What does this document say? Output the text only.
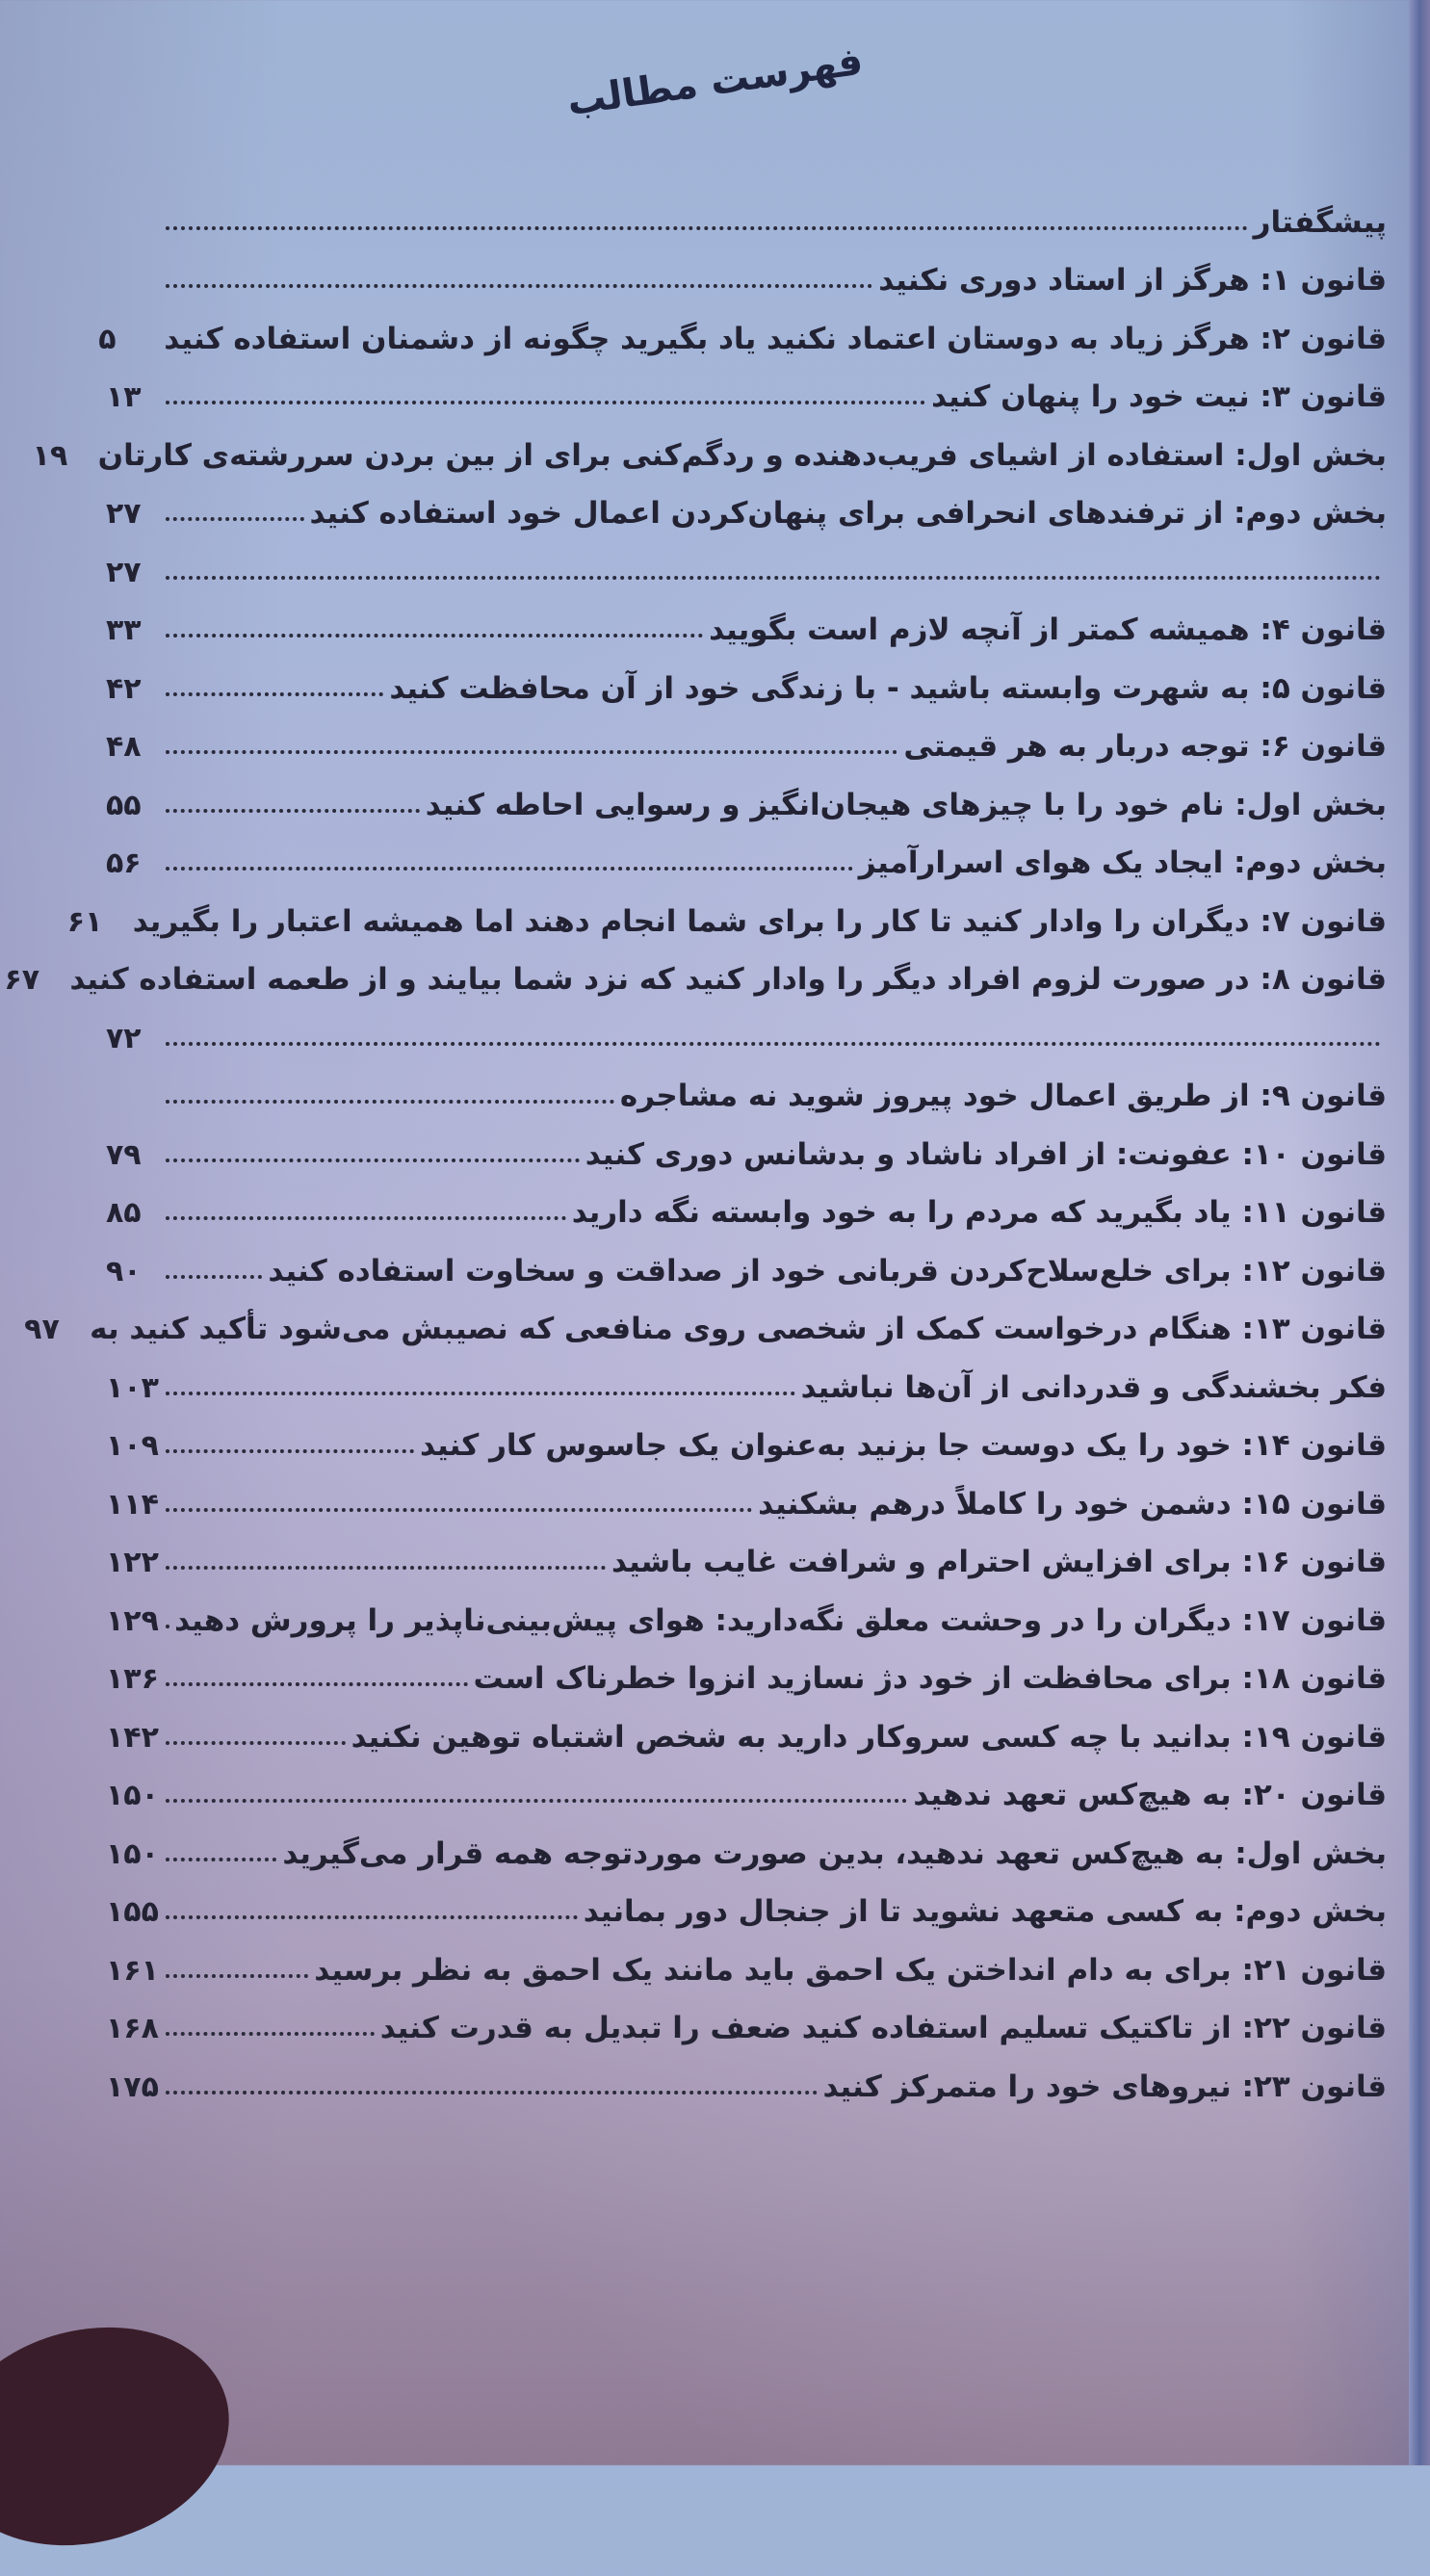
فهرست مطالب
پیشگفتار
قانون ۱: هرگز از استاد دوری نکنید
قانون ۲: هرگز زیاد به دوستان اعتماد نکنید یاد بگیرید چگونه از دشمنان استفاده کنید
۵
قانون ۳: نیت خود را پنهان کنید
۱۳
بخش اول: استفاده از اشیای فریب‌دهنده و ردگم‌کنی برای از بین بردن سررشته‌ی کارتان
۱۹
بخش دوم: از ترفندهای انحرافی برای پنهان‌کردن اعمال خود استفاده کنید
۲۷
۲۷
قانون ۴: همیشه کمتر از آنچه لازم است بگویید
۳۳
قانون ۵: به شهرت وابسته باشید - با زندگی خود از آن محافظت کنید
۴۲
قانون ۶: توجه دربار به هر قیمتی
۴۸
بخش اول: نام خود را با چیزهای هیجان‌انگیز و رسوایی احاطه کنید
۵۵
بخش دوم: ایجاد یک هوای اسرارآمیز
۵۶
قانون ۷: دیگران را وادار کنید تا کار را برای شما انجام دهند اما همیشه اعتبار را بگیرید
۶۱
قانون ۸: در صورت لزوم افراد دیگر را وادار کنید که نزد شما بیایند و از طعمه استفاده کنید
۶۷
۷۲
قانون ۹: از طریق اعمال خود پیروز شوید نه مشاجره
قانون ۱۰: عفونت: از افراد ناشاد و بدشانس دوری کنید
۷۹
قانون ۱۱: یاد بگیرید که مردم را به خود وابسته نگه دارید
۸۵
قانون ۱۲: برای خلع‌سلاح‌کردن قربانی خود از صداقت و سخاوت استفاده کنید
۹۰
قانون ۱۳: هنگام درخواست کمک از شخصی روی منافعی که نصیبش می‌شود تأکید کنید به
۹۷
فکر بخشندگی و قدردانی از آن‌ها نباشید
۱۰۳
قانون ۱۴: خود را یک دوست جا بزنید به‌عنوان یک جاسوس کار کنید
۱۰۹
قانون ۱۵: دشمن خود را کاملاً درهم بشکنید
۱۱۴
قانون ۱۶: برای افزایش احترام و شرافت غایب باشید
۱۲۲
قانون ۱۷: دیگران را در وحشت معلق نگه‌دارید: هوای پیش‌بینی‌ناپذیر را پرورش دهید
۱۲۹
قانون ۱۸: برای محافظت از خود دژ نسازید انزوا خطرناک است
۱۳۶
قانون ۱۹: بدانید با چه کسی سروکار دارید به شخص اشتباه توهین نکنید
۱۴۲
قانون ۲۰: به هیچ‌کس تعهد ندهید
۱۵۰
بخش اول: به هیچ‌کس تعهد ندهید، بدین صورت موردتوجه همه قرار می‌گیرید
۱۵۰
بخش دوم: به کسی متعهد نشوید تا از جنجال دور بمانید
۱۵۵
قانون ۲۱: برای به دام انداختن یک احمق باید مانند یک احمق به نظر برسید
۱۶۱
قانون ۲۲: از تاکتیک تسلیم استفاده کنید ضعف را تبدیل به قدرت کنید
۱۶۸
قانون ۲۳: نیروهای خود را متمرکز کنید
۱۷۵
